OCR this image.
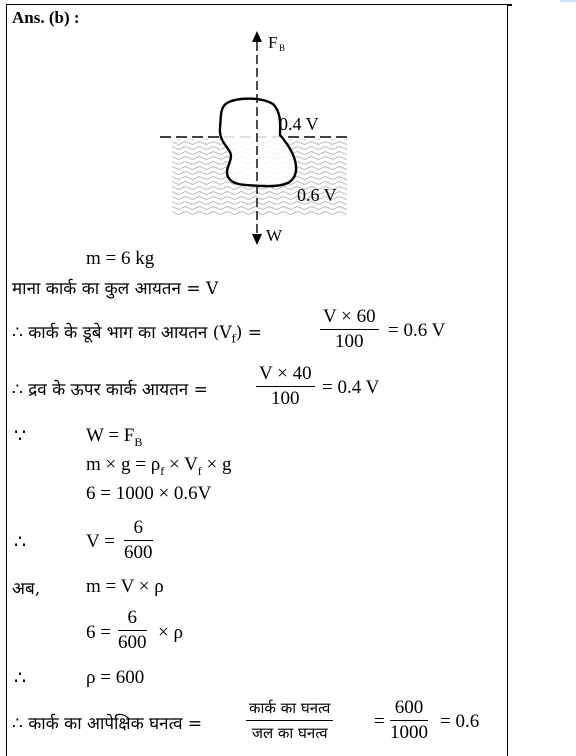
Ans. (b) :
F B
W
0.4 V
0.6 V
m = 6 kg
माना कार्क का कुल आयतन = V
∴ कार्क के डूबे भाग का आयतन $(V_f)$ =
V × 60
100
= 0.6 V
∴ द्रव के ऊपर कार्क आयतन =
V × 40
100
= 0.4 V
∵	$W = F_B$
$m \times g = \rho_f \times V_f \times g$
6 = 1000 × 0.6V
∴	V =
6
600
अब, m = V × ρ
6 =
6
600 × ρ
∴	ρ = 600
∴ कार्क का आपेक्षिक घनत्व =
कार्क का घनत्व
जल का घनत्व
=
600
1000
= 0.6
